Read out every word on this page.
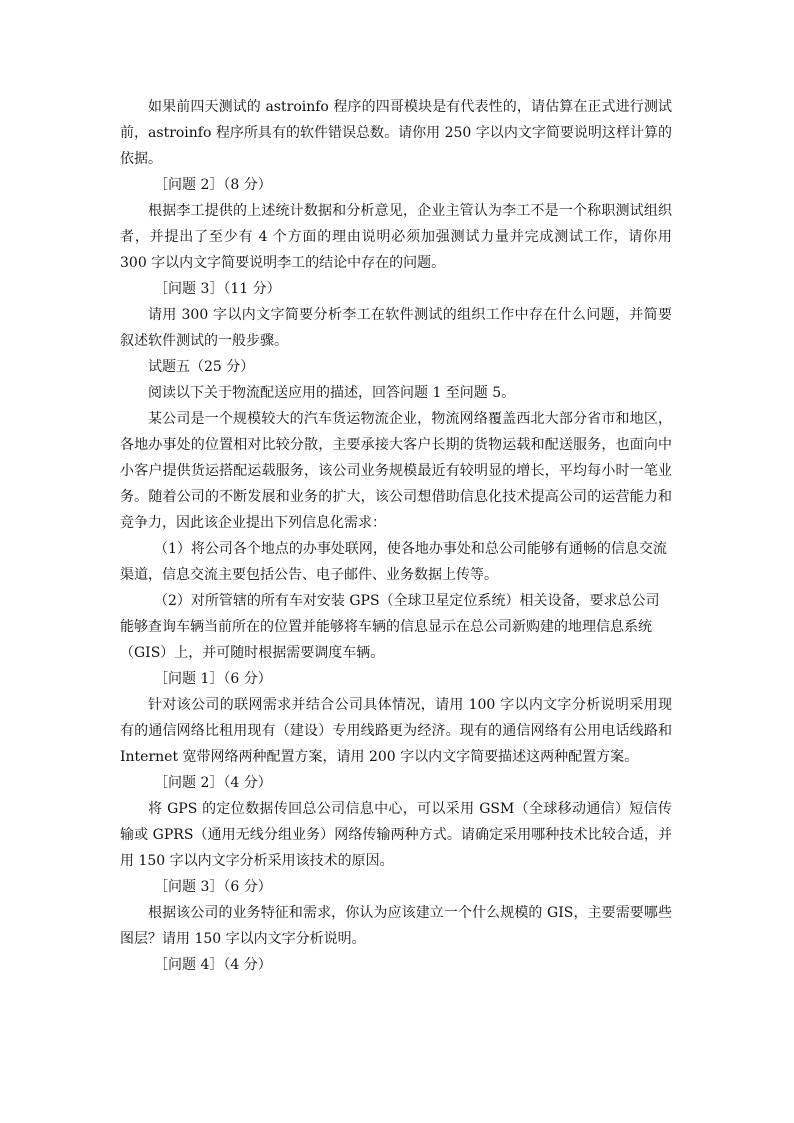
如果前四天测试的 astroinfo 程序的四哥模块是有代表性的，请估算在正式进行测试前，astroinfo 程序所具有的软件错误总数。请你用 250 字以内文字简要说明这样计算的依据。

［问题 2］（8 分）

根据李工提供的上述统计数据和分析意见，企业主管认为李工不是一个称职测试组织者，并提出了至少有 4 个方面的理由说明必须加强测试力量并完成测试工作，请你用 300 字以内文字简要说明李工的结论中存在的问题。

［问题 3］（11 分）

请用 300 字以内文字简要分析李工在软件测试的组织工作中存在什么问题，并简要叙述软件测试的一般步骤。

试题五（25 分）

阅读以下关于物流配送应用的描述，回答问题 1 至问题 5。

某公司是一个规模较大的汽车货运物流企业，物流网络覆盖西北大部分省市和地区，各地办事处的位置相对比较分散，主要承接大客户长期的货物运载和配送服务，也面向中小客户提供货运搭配运载服务，该公司业务规模最近有较明显的增长，平均每小时一笔业务。随着公司的不断发展和业务的扩大，该公司想借助信息化技术提高公司的运营能力和竞争力，因此该企业提出下列信息化需求：

（1）将公司各个地点的办事处联网，使各地办事处和总公司能够有通畅的信息交流渠道，信息交流主要包括公告、电子邮件、业务数据上传等。

（2）对所管辖的所有车对安装 GPS（全球卫星定位系统）相关设备，要求总公司能够查询车辆当前所在的位置并能够将车辆的信息显示在总公司新购建的地理信息系统（GIS）上，并可随时根据需要调度车辆。

［问题 1］（6 分）

针对该公司的联网需求并结合公司具体情况，请用 100 字以内文字分析说明采用现有的通信网络比租用现有（建设）专用线路更为经济。现有的通信网络有公用电话线路和 Internet 宽带网络两种配置方案，请用 200 字以内文字简要描述这两种配置方案。

［问题 2］（4 分）

将 GPS 的定位数据传回总公司信息中心，可以采用 GSM（全球移动通信）短信传输或 GPRS（通用无线分组业务）网络传输两种方式。请确定采用哪种技术比较合适，并用 150 字以内文字分析采用该技术的原因。

［问题 3］（6 分）

根据该公司的业务特征和需求，你认为应该建立一个什么规模的 GIS，主要需要哪些图层？请用 150 字以内文字分析说明。

［问题 4］（4 分）
